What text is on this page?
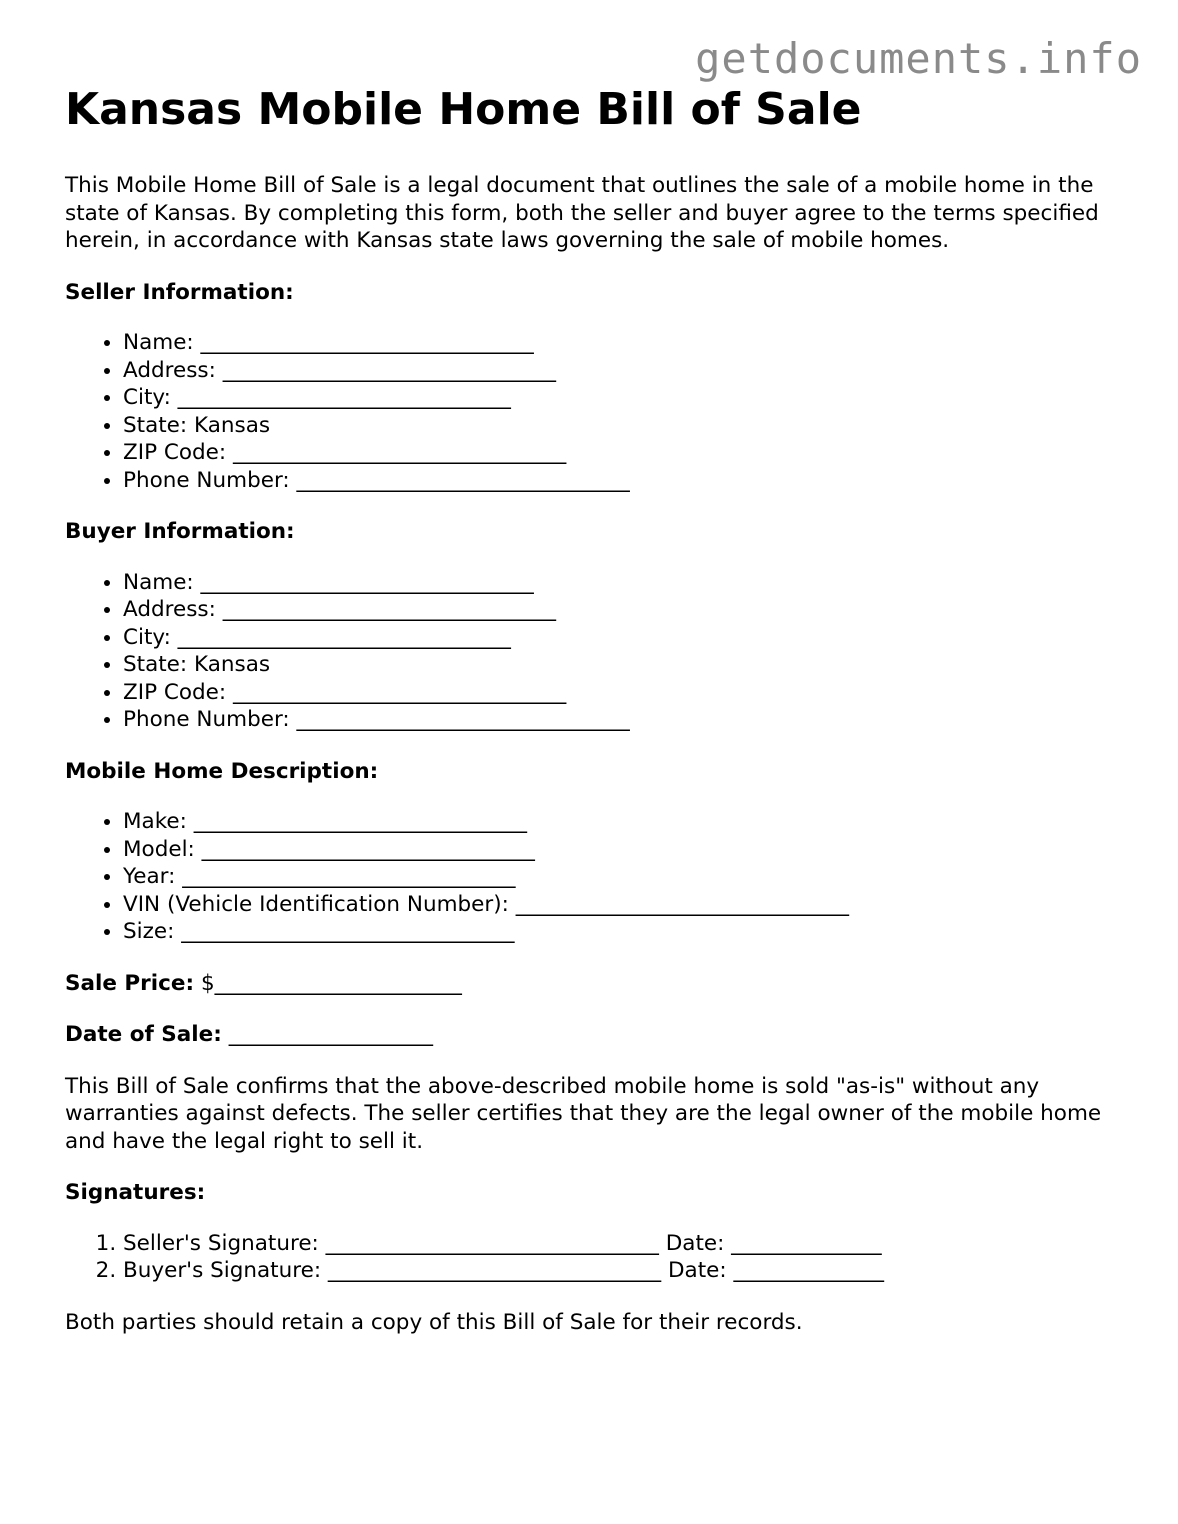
getdocuments.info
Kansas Mobile Home Bill of Sale

This Mobile Home Bill of Sale is a legal document that outlines the sale of a mobile home in the state of Kansas. By completing this form, both the seller and buyer agree to the terms specified herein, in accordance with Kansas state laws governing the sale of mobile homes.

Seller Information:
• Name: _______________________________
• Address: _______________________________
• City: _______________________________
• State: Kansas
• ZIP Code: _______________________________
• Phone Number: _______________________________
Buyer Information:
• Name: _______________________________
• Address: _______________________________
• City: _______________________________
• State: Kansas
• ZIP Code: _______________________________
• Phone Number: _______________________________
Mobile Home Description:
• Make: _______________________________
• Model: _______________________________
• Year: _______________________________
• VIN (Vehicle Identification Number): _______________________________
• Size: _______________________________
Sale Price: $_______________________
Date of Sale: ___________________

This Bill of Sale confirms that the above-described mobile home is sold "as-is" without any warranties against defects. The seller certifies that they are the legal owner of the mobile home and have the legal right to sell it.

Signatures:
1. Seller's Signature: _______________________________ Date: ______________
2. Buyer's Signature: _______________________________ Date: ______________

Both parties should retain a copy of this Bill of Sale for their records.
